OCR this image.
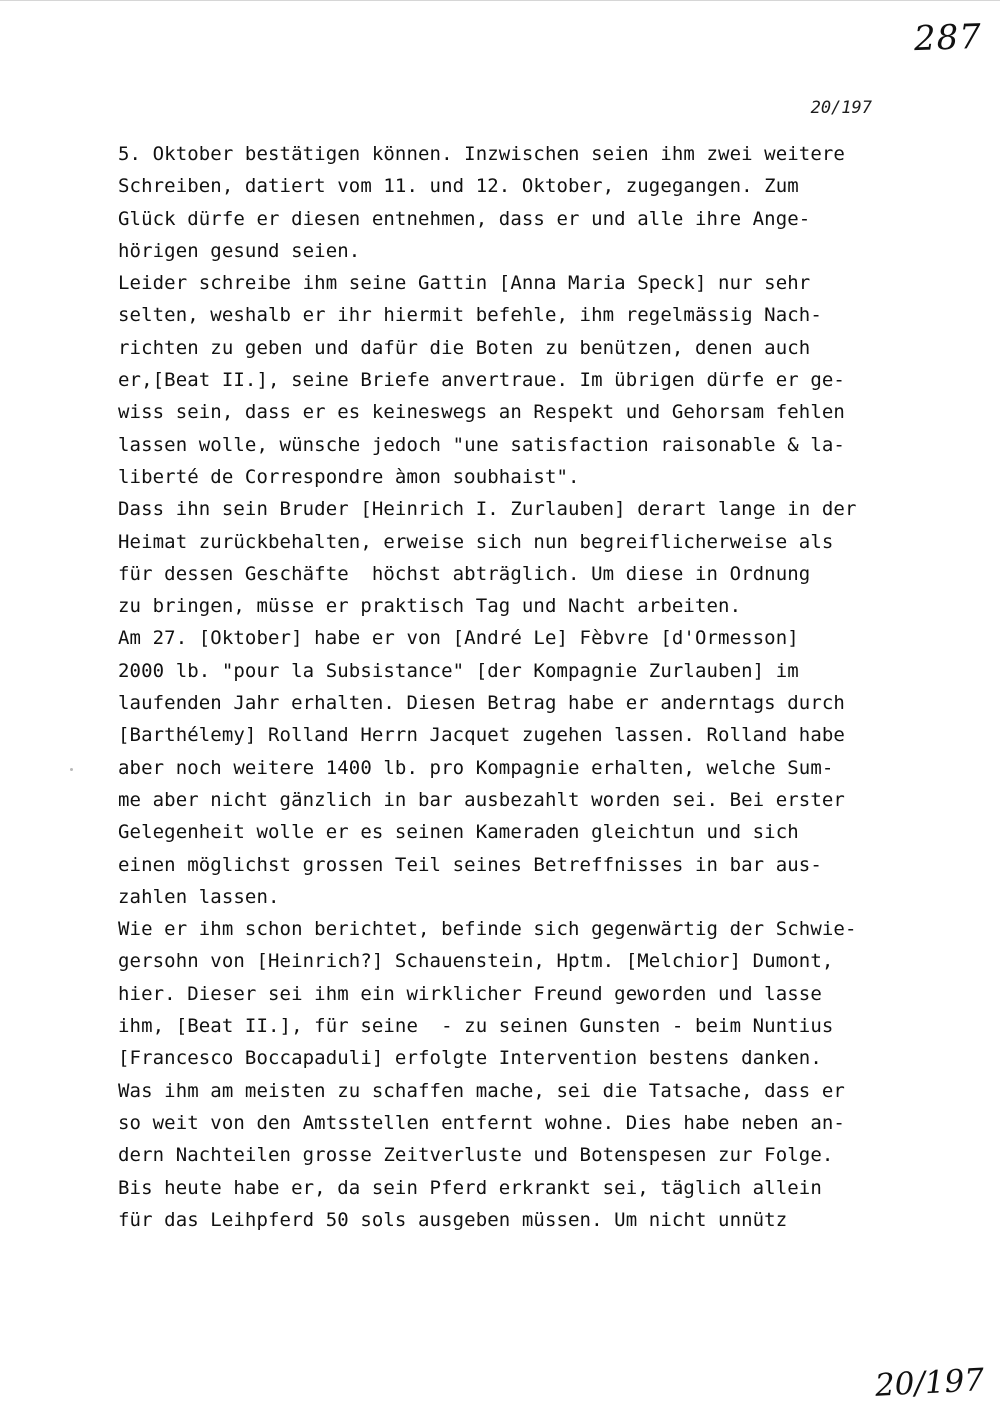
287
20/197
5. Oktober bestätigen können. Inzwischen seien ihm zwei weitere
Schreiben, datiert vom 11. und 12. Oktober, zugegangen. Zum
Glück dürfe er diesen entnehmen, dass er und alle ihre Ange-
hörigen gesund seien.
Leider schreibe ihm seine Gattin [Anna Maria Speck] nur sehr
selten, weshalb er ihr hiermit befehle, ihm regelmässig Nach-
richten zu geben und dafür die Boten zu benützen, denen auch
er,[Beat II.], seine Briefe anvertraue. Im übrigen dürfe er ge-
wiss sein, dass er es keineswegs an Respekt und Gehorsam fehlen
lassen wolle, wünsche jedoch "une satisfaction raisonable & la-
liberté de Correspondre àmon soubhaist".
Dass ihn sein Bruder [Heinrich I. Zurlauben] derart lange in der
Heimat zurückbehalten, erweise sich nun begreiflicherweise als
für dessen Geschäfte  höchst abträglich. Um diese in Ordnung
zu bringen, müsse er praktisch Tag und Nacht arbeiten.
Am 27. [Oktober] habe er von [André Le] Fèbvre [d'Ormesson]
2000 lb. "pour la Subsistance" [der Kompagnie Zurlauben] im
laufenden Jahr erhalten. Diesen Betrag habe er anderntags durch
[Barthélemy] Rolland Herrn Jacquet zugehen lassen. Rolland habe
aber noch weitere 1400 lb. pro Kompagnie erhalten, welche Sum-
me aber nicht gänzlich in bar ausbezahlt worden sei. Bei erster
Gelegenheit wolle er es seinen Kameraden gleichtun und sich
einen möglichst grossen Teil seines Betreffnisses in bar aus-
zahlen lassen.
Wie er ihm schon berichtet, befinde sich gegenwärtig der Schwie-
gersohn von [Heinrich?] Schauenstein, Hptm. [Melchior] Dumont,
hier. Dieser sei ihm ein wirklicher Freund geworden und lasse
ihm, [Beat II.], für seine  - zu seinen Gunsten - beim Nuntius
[Francesco Boccapaduli] erfolgte Intervention bestens danken.
Was ihm am meisten zu schaffen mache, sei die Tatsache, dass er
so weit von den Amtsstellen entfernt wohne. Dies habe neben an-
dern Nachteilen grosse Zeitverluste und Botenspesen zur Folge.
Bis heute habe er, da sein Pferd erkrankt sei, täglich allein
für das Leihpferd 50 sols ausgeben müssen. Um nicht unnütz
20/197
